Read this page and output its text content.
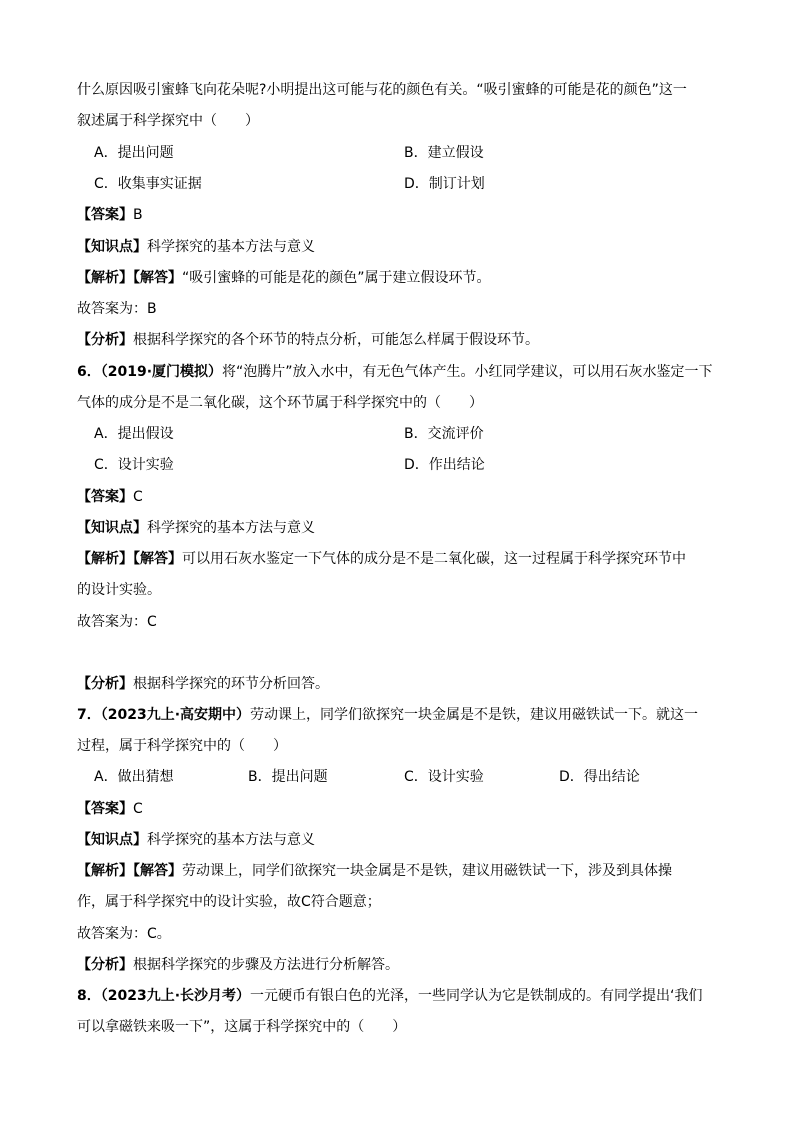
什么原因吸引蜜蜂飞向花朵呢?小明提出这可能与花的颜色有关。“吸引蜜蜂的可能是花的颜色”这一
叙述属于科学探究中（　　）
A．提出问题	B．建立假设
C．收集事实证据	D．制订计划
【答案】B
【知识点】科学探究的基本方法与意义
【解析】【解答】“吸引蜜蜂的可能是花的颜色”属于建立假设环节。
故答案为：B
【分析】根据科学探究的各个环节的特点分析，可能怎么样属于假设环节。
6．（2019·厦门模拟）将“泡腾片”放入水中，有无色气体产生。小红同学建议，可以用石灰水鉴定一下
气体的成分是不是二氧化碳，这个环节属于科学探究中的（　　）
A．提出假设	B．交流评价
C．设计实验	D．作出结论
【答案】C
【知识点】科学探究的基本方法与意义
【解析】【解答】可以用石灰水鉴定一下气体的成分是不是二氧化碳，这一过程属于科学探究环节中
的设计实验。
故答案为：C
【分析】根据科学探究的环节分析回答。
7．（2023九上·高安期中）劳动课上，同学们欲探究一块金属是不是铁，建议用磁铁试一下。就这一
过程，属于科学探究中的（　　）
A．做出猜想	B．提出问题	C．设计实验	D．得出结论
【答案】C
【知识点】科学探究的基本方法与意义
【解析】【解答】劳动课上，同学们欲探究一块金属是不是铁，建议用磁铁试一下，涉及到具体操
作，属于科学探究中的设计实验，故C符合题意；
故答案为：C。
【分析】根据科学探究的步骤及方法进行分析解答。
8．（2023九上·长沙月考）一元硬币有银白色的光泽，一些同学认为它是铁制成的。有同学提出‘我们
可以拿磁铁来吸一下”，这属于科学探究中的（　　）
